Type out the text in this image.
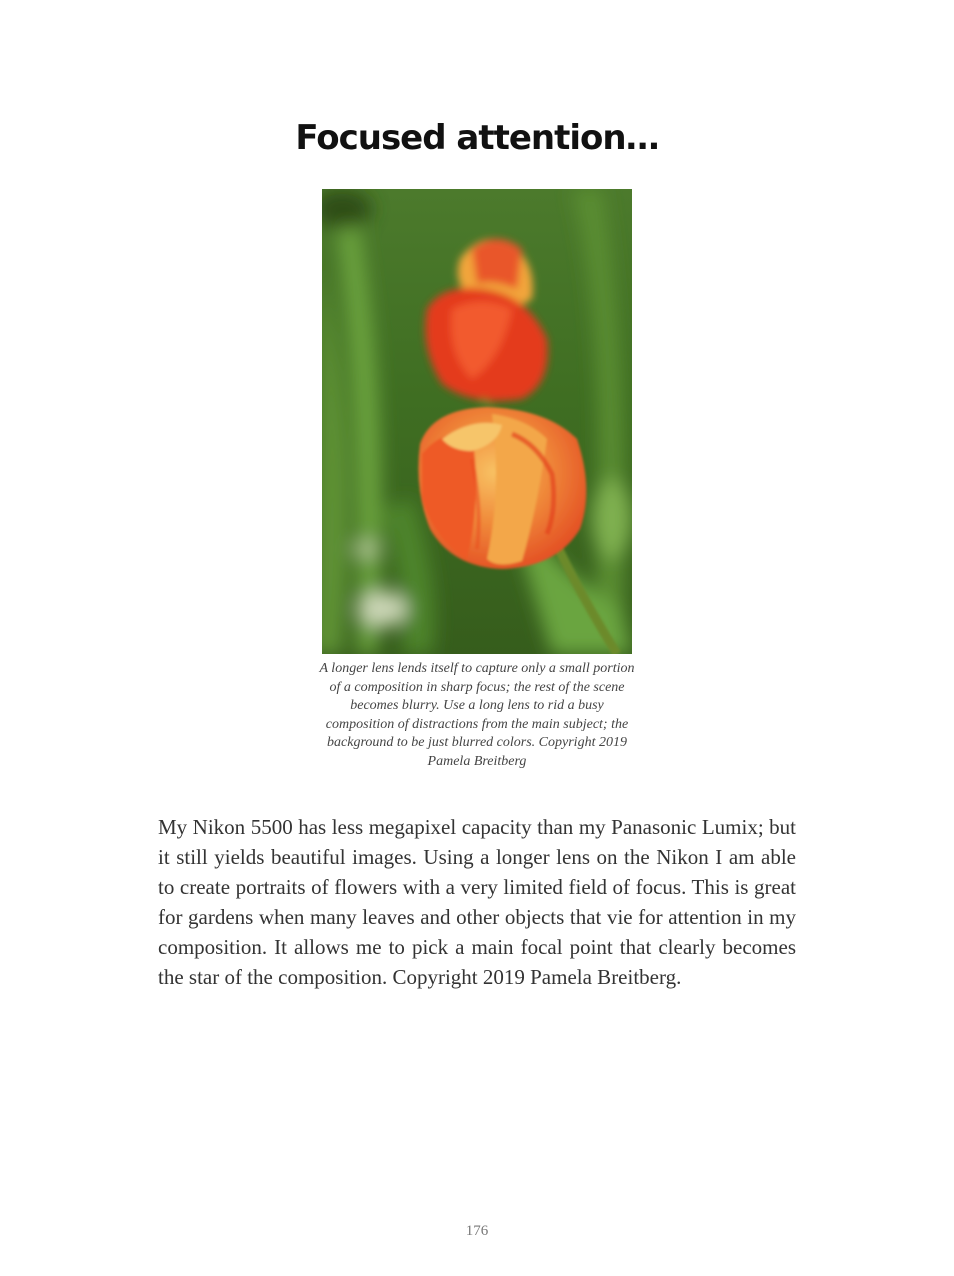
Focused attention…
A longer lens lends itself to capture only a small portion of a composition in sharp focus; the rest of the scene becomes blurry. Use a long lens to rid a busy composition of distractions from the main subject; the background to be just blurred colors. Copyright 2019 Pamela Breitberg

My Nikon 5500 has less megapixel capacity than my Panasonic Lumix; but it still yields beautiful images. Using a longer lens on the Nikon I am able to create portraits of flowers with a very limited field of focus. This is great for gardens when many leaves and other objects that vie for attention in my composition. It allows me to pick a main focal point that clearly becomes the star of the composition. Copyright 2019 Pamela Breitberg.

176
